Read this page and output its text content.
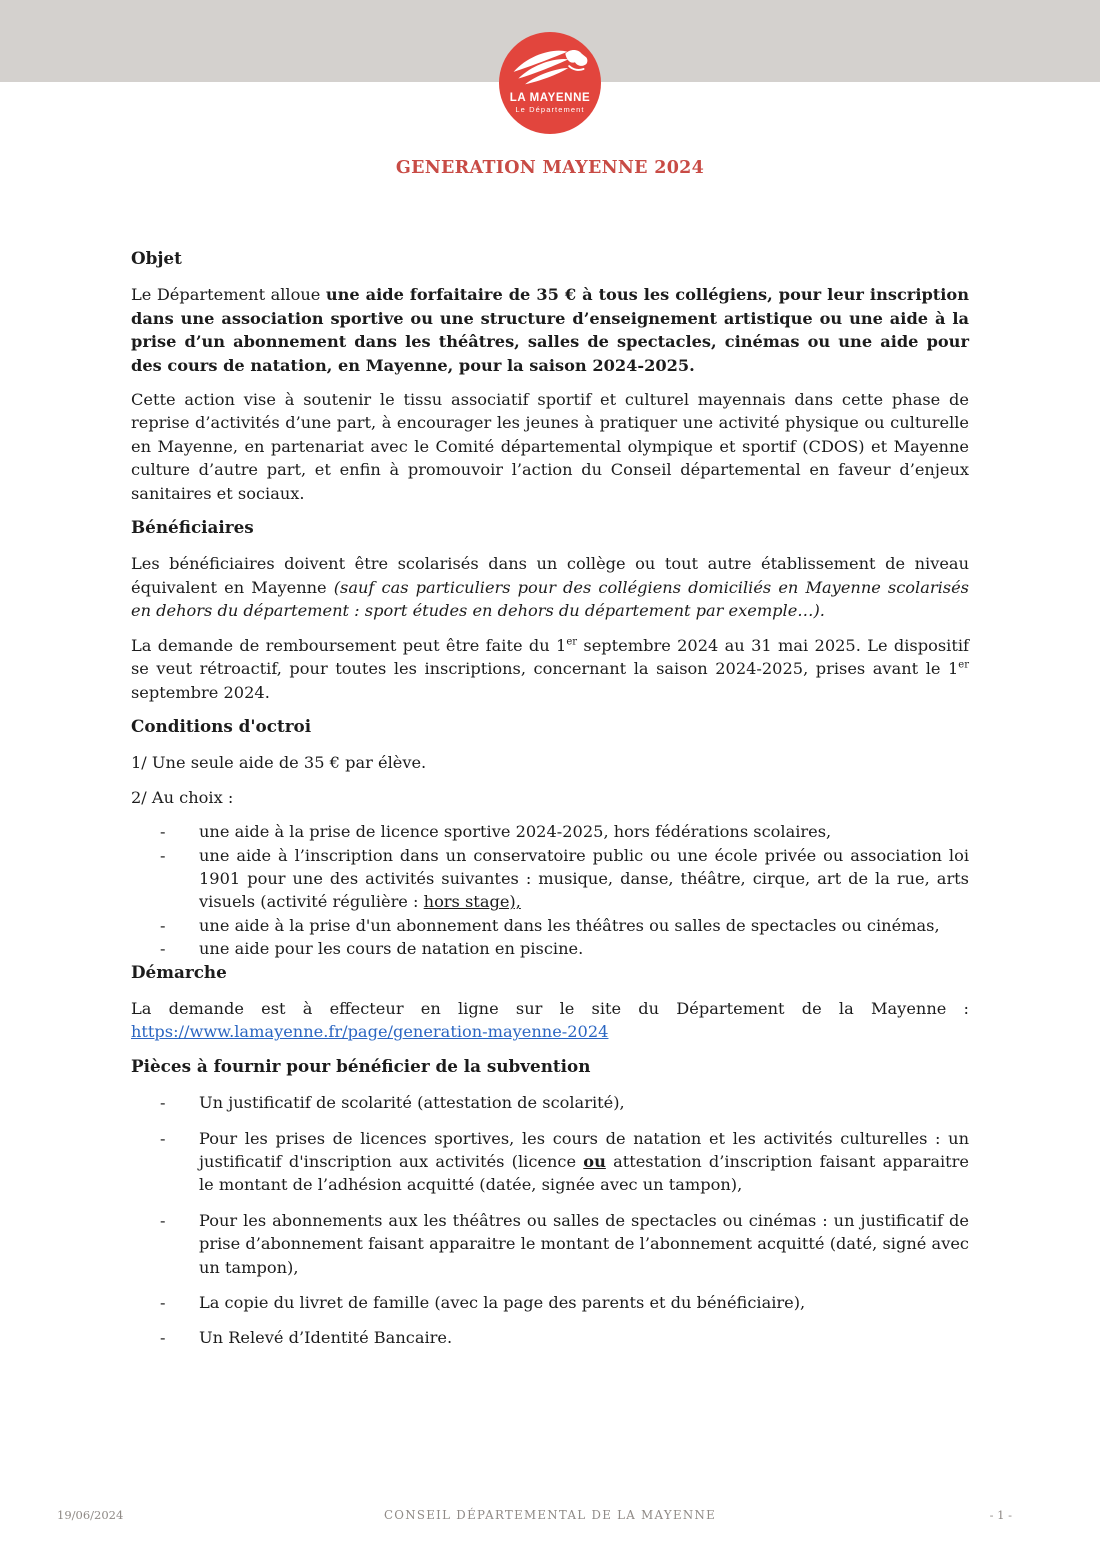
LA MAYENNE
Le Département
GENERATION MAYENNE 2024
Objet

Le Département alloue une aide forfaitaire de 35 € à tous les collégiens, pour leur inscription dans une association sportive ou une structure d’enseignement artistique ou une aide à la prise d’un abonnement dans les théâtres, salles de spectacles, cinémas ou une aide pour des cours de natation, en Mayenne, pour la saison 2024-2025.

Cette action vise à soutenir le tissu associatif sportif et culturel mayennais dans cette phase de reprise d’activités d’une part, à encourager les jeunes à pratiquer une activité physique ou culturelle en Mayenne, en partenariat avec le Comité départemental olympique et sportif (CDOS) et Mayenne culture d’autre part, et enfin à promouvoir l’action du Conseil départemental en faveur d’enjeux sanitaires et sociaux.

Bénéficiaires

Les bénéficiaires doivent être scolarisés dans un collège ou tout autre établissement de niveau équivalent en Mayenne (sauf cas particuliers pour des collégiens domiciliés en Mayenne scolarisés en dehors du département : sport études en dehors du département par exemple…).

La demande de remboursement peut être faite du 1er septembre 2024 au 31 mai 2025. Le dispositif se veut rétroactif, pour toutes les inscriptions, concernant la saison 2024-2025, prises avant le 1er septembre 2024.

Conditions d'octroi

1/ Une seule aide de 35 € par élève.

2/ Au choix :

-	une aide à la prise de licence sportive 2024-2025, hors fédérations scolaires,
-	une aide à l’inscription dans un conservatoire public ou une école privée ou association loi 1901 pour une des activités suivantes : musique, danse, théâtre, cirque, art de la rue, arts visuels (activité régulière : hors stage),
-	une aide à la prise d'un abonnement dans les théâtres ou salles de spectacles ou cinémas,
-	une aide pour les cours de natation en piscine.
Démarche

La demande est à effecteur en ligne sur le site du Département de la Mayenne :

https://www.lamayenne.fr/page/generation-mayenne-2024

Pièces à fournir pour bénéficier de la subvention
-	Un justificatif de scolarité (attestation de scolarité),
-	Pour les prises de licences sportives, les cours de natation et les activités culturelles : un justificatif d'inscription aux activités (licence ou attestation d’inscription faisant apparaitre le montant de l’adhésion acquitté (datée, signée avec un tampon),
-	Pour les abonnements aux les théâtres ou salles de spectacles ou cinémas : un justificatif de prise d’abonnement faisant apparaitre le montant de l’abonnement acquitté (daté, signé avec un tampon),
-	La copie du livret de famille (avec la page des parents et du bénéficiaire),
-	Un Relevé d’Identité Bancaire.
19/06/2024	CONSEIL DÉPARTEMENTAL DE LA MAYENNE	- 1 -
